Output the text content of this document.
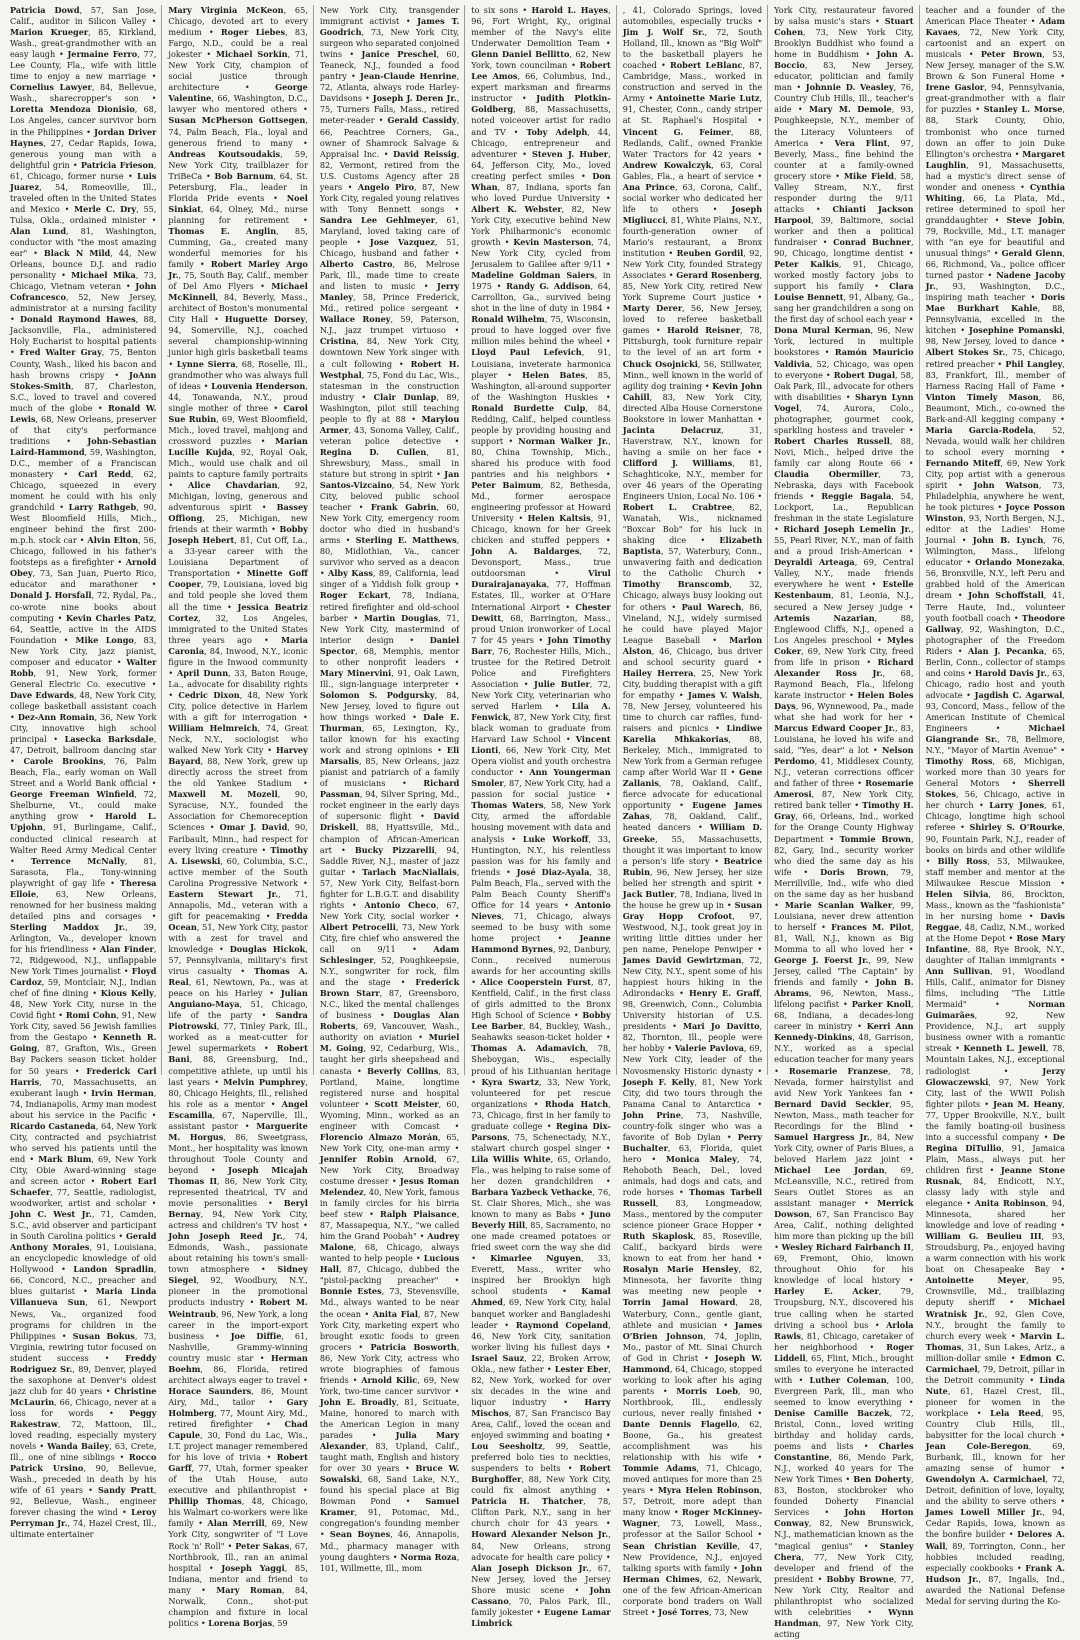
Patricia Dowd, 57, San Jose, Calif., auditor in Silicon Valley • Marion Krueger, 85, Kirkland, Wash., great-grandmother with an easy laugh • Jermaine Ferro, 77, Lee County, Fla., wife with little time to enjoy a new marriage • Cornelius Lawyer, 84, Bellevue, Wash., sharecropper's son • Loretta Mendoza Dionisio, 68, Los Angeles, cancer survivor born in the Philippines • Jordan Driver Haynes, 27, Cedar Rapids, Iowa, generous young man with a delightful grin • Patricia Frieson, 61, Chicago, former nurse • Luis Juarez, 54, Romeoville, Ill., traveled often in the United States and Mexico • Merle C. Dry, 55, Tulsa, Okla., ordained minister • Alan Lund, 81, Washington, conductor with "the most amazing ear" • Black N Mild, 44, New Orleans, bounce D.J. and radio personality • Michael Mika, 73, Chicago, Vietnam veteran • John Cofrancesco, 52, New Jersey, administrator at a nursing facility • Donald Raymond Hawes, 88, Jacksonville, Fla., administered Holy Eucharist to hospital patients • Fred Walter Gray, 75, Benton County, Wash., liked his bacon and hash browns crispy • JoAnn Stokes-Smith, 87, Charleston, S.C., loved to travel and covered much of the globe • Ronald W. Lewis, 68, New Orleans, preserver of that city's performance traditions • John-Sebastian Laird-Hammond, 59, Washington, D.C., member of a Franciscan monastery • Carl Redd, 62, Chicago, squeezed in every moment he could with his only grandchild • Larry Rathgeb, 90, West Bloomfield Hills, Mich., engineer behind the first 200-m.p.h. stock car • Alvin Elton, 56, Chicago, followed in his father's footsteps as a firefighter • Arnold Obey, 73, San Juan, Puerto Rico, educator and marathoner • Donald J. Horsfall, 72, Rydal, Pa., co-wrote nine books about computing • Kevin Charles Patz, 64, Seattle, active in the AIDS Foundation • Mike Longo, 83, New York City, jazz pianist, composer and educator • Walter Robb, 91, New York, former General Electric Co. executive • Dave Edwards, 48, New York City, college basketball assistant coach • Dez-Ann Romain, 36, New York City, innovative high school principal • Lasecka Barksdale, 47, Detroit, ballroom dancing star • Carole Brookins, 76, Palm Beach, Fla., early woman on Wall Street and a World Bank official • George Freeman Winfield, 72, Shelburne, Vt., could make anything grow • Harold L. Upjohn, 91, Burlingame, Calif., conducted clinical research at Walter Reed Army Medical Center • Terrence McNally, 81, Sarasota, Fla., Tony-winning playwright of gay life • Theresa Elloie, 63, New Orleans, renowned for her business making detailed pins and corsages • Sterling Maddox Jr., 39, Arlington, Va., developer known for his friendliness • Alan Finder, 72, Ridgewood, N.J., unflappable New York Times journalist • Floyd Cardoz, 59, Montclair, N.J., Indian chef of fine dining • Kious Kelly, 48, New York City, nurse in the Covid fight • Romi Cohn, 91, New York City, saved 56 Jewish families from the Gestapo • Kenneth R. Going, 87, Grafton, Wis., Green Bay Packers season ticket holder for 50 years • Frederick Carl Harris, 70, Massachusetts, an exuberant laugh • Irvin Herman, 74, Indianapolis, Army man modest about his service in the Pacific • Ricardo Castaneda, 64, New York City, contracted and psychiatrist who served his patients until the end • Mark Blum, 69, New York City, Obie Award-winning stage and screen actor • Robert Earl Schaefer, 77, Seattle, radiologist, woodworker, artist and scholar • John C. West Jr., 71, Camden, S.C., avid observer and participant in South Carolina politics • Gerald Anthony Morales, 91, Louisiana, an encyclopedic knowledge of old Hollywood • Landon Spradlin, 66, Concord, N.C., preacher and blues guitarist • Maria Linda Villanueva Sun, 61, Newport News, Va., organized food programs for children in the Philippines • Susan Bokus, 73, Virginia, rewiring tutor focused on student success • Freddy Rodriguez Sr., 89, Denver, played the saxophone at Denver's oldest jazz club for 40 years • Christine McLaurin, 66, Chicago, never at a loss for words • Peggy Rakestraw, 72, Mattoon, Ill., loved reading, especially mystery novels • Wanda Bailey, 63, Crete, Ill., one of nine siblings • Rocco Patrick Ursino, 90, Bellevue, Wash., preceded in death by his wife of 61 years • Sandy Pratt, 92, Bellevue, Wash., engineer forever chasing the wind • Leroy Perryman Jr., 74, Hazel Crest, Ill., ultimate entertainer

Mary Virginia McKeon, 65, Chicago, devoted art to every medium • Roger Liebes, 83, Fargo, N.D., could be a real jokester • Michael Sorkin, 71, New York City, champion of social justice through architecture • George Valentine, 66, Washington, D.C., lawyer who mentored others • Susan McPherson Gottsegen, 74, Palm Beach, Fla., loyal and generous friend to many • Andreas Koutsoudakis, 59, New York City, trailblazer for TriBeCa • Bob Barnum, 64, St. Petersburg, Fla., leader in Florida Pride events • Noel Sinkiat, 64, Olney, Md., nurse planning for retirement • Thomas E. Anglin, 85, Cumming, Ga., created many wonderful memories for his family • Robert Marley Argo Jr., 75, South Bay, Calif., member of Del Amo Flyers • Michael McKinnell, 84, Beverly, Mass., architect of Boston's monumental City Hall • Huguette Dorsey, 94, Somerville, N.J., coached several championship-winning junior high girls basketball teams • Lynne Sierra, 68, Roselle, Ill., grandmother who was always full of ideas • Louvenia Henderson, 44, Tonawanda, N.Y., proud single mother of three • Carol Sue Rubin, 69, West Bloomfield, Mich., loved travel, mahjong and crossword puzzles • Marian Lucille Kujda, 92, Royal Oak, Mich., would use chalk and oil paints to capture family portraits • Alice Chavdarian, 92, Michigan, loving, generous and adventurous spirit • Bassey Offiong, 25, Michigan, new friends at their warmth • Bobby Joseph Hebert, 81, Cut Off, La., a 33-year career with the Louisiana Department of Transportation • Minette Goff Cooper, 79, Louisiana, loved big and told people she loved them all the time • Jessica Beatriz Cortez, 32, Los Angeles, immigrated to the United States three years ago • Maria Caronia, 84, Inwood, N.Y., iconic figure in the Inwood community • April Dunn, 33, Baton Rouge, La., advocate for disability rights • Cedric Dixon, 48, New York City, police detective in Harlem with a gift for interrogation • William Helmreich, 74, Great Neck, N.Y., sociologist who walked New York City • Harvey Bayard, 88, New York, grew up directly across the street from the old Yankee Stadium • Maxwell M. Mozell, 90, Syracuse, N.Y., founded the Association for Chemoreception Sciences • Omar J. David, 90, Faribault, Minn., had respect for every living creature • Timothy A. Lisewski, 60, Columbia, S.C., active member of the South Carolina Progressive Network • Eastern Stewart Jr., 71, Annapolis, Md., veteran with a gift for peacemaking • Fredda Ocean, 51, New York City, pastor with a zest for travel and knowledge • Douglas Hickok, 57, Pennsylvania, military's first virus casualty • Thomas A. Real, 61, Newtown, Pa., was at peace on his Harley • Julian Anguiano-Maya, 51, Chicago, life of the party • Sandra Piotrowski, 77, Tinley Park, Ill., worked as a meat-cutter for Jewel supermarkets • Robert Bani, 88, Greensburg, Ind., competitive athlete, up until his last years • Melvin Pumphrey, 80, Chicago Heights, Ill., relished his role as a mentor • Angel Escamilla, 67, Naperville, Ill., assistant pastor • Marguerite M. Horgus, 86, Sweetgrass, Mont., her hospitality was known throughout Toole County and beyond • Joseph Micajah Thomas II, 86, New York City, represented theatrical, TV and movie personalities • Beryl Bernay, 94, New York City, actress and children's TV host • John Joseph Reed Jr., 74, Edmonds, Wash., passionate about retaining his town's small-town atmosphere • Sidney Siegel, 92, Woodbury, N.Y., pioneer in the promotional products industry • Robert M. Weintraub, 96, New York, a long career in the import-export business • Joe Diffie, 61, Nashville, Grammy-winning country music star • Herman Boehm, 86, Florida, retired architect always eager to travel • Horace Saunders, 86, Mount Airy, Md., tailor • Gary Holmberg, 77, Mount Airy, Md., retired firefighter • Chad Capule, 30, Fond du Lac, Wis., I.T. project manager remembered for his love of trivia • Robert Garff, 77, Utah, former speaker of the Utah House, auto executive and philanthropist • Phillip Thomas, 48, Chicago, his Walmart co-workers were like family • Alan Merrill, 69, New York City, songwriter of "I Love Rock 'n' Roll" • Peter Sakas, 67, Northbrook, Ill., ran an animal hospital • Joseph Yaggi, 85, Indiana, mentor and friend to many • Mary Roman, 84, Norwalk, Conn., shot-put champion and fixture in local politics • Lorena Borjas, 59

New York City, transgender immigrant activist • James T. Goodrich, 73, New York City, surgeon who separated conjoined twins • Janice Preschel, 60, Teaneck, N.J., founded a food pantry • Jean-Claude Henrine, 72, Atlanta, always rode Harley-Davidsons • Joseph J. Deren Jr., 75, Turners Falls, Mass., retired meter-reader • Gerald Cassidy, 66, Peachtree Corners, Ga., owner of Shamrock Salvage & Appraisal Inc. • David Reissig, 82, Vermont, retired from the U.S. Customs Agency after 28 years • Angelo Piro, 87, New York City, regaled young relatives with Tony Bennett songs • Sandra Lee Gehlmeyer, 61, Maryland, loved taking care of people • Jose Vazquez, 51, Chicago, husband and father • Alberto Castro, 86, Melrose Park, Ill., made time to create and listen to music • Jerry Manley, 58, Prince Frederick, Md., retired police sergeant • Wallace Roney, 59, Paterson, N.J., jazz trumpet virtuoso • Cristina, 84, New York City, downtown New York singer with a cult following • Robert H. Westphal, 75, Fond du Lac, Wis., statesman in the construction industry • Clair Dunlap, 89, Washington, pilot still teaching people to fly at 88 • Marylou Armer, 43, Sonoma Valley, Calif., veteran police detective • Regina D. Cullen, 81, Shrewsbury, Mass., small in stature but strong in spirit • Jan Santos-Vizcaino, 54, New York City, beloved public school teacher • Frank Gabrin, 60, New York City, emergency room doctor who died in husband's arms • Sterling E. Matthews, 80, Midlothian, Va., cancer survivor who served as a deacon • Alby Kass, 89, California, lead singer of a Yiddish folk group • Roger Eckart, 78, Indiana, retired firefighter and old-school barber • Martin Douglas, 71, New York City, mastermind of interior design • Daniel Spector, 68, Memphis, mentor to other nonprofit leaders • Mary Minervini, 91, Oak Lawn, Ill., sign-language interpreter • Solomon S. Podgursky, 84, New Jersey, loved to figure out how things worked • Dale E. Thurman, 65, Lexington, Ky., tailor known for his exacting work and strong opinions • Eli Marsalis, 85, New Orleans, jazz pianist and patriarch of a family of musicians • Richard Passman, 94, Silver Spring, Md., rocket engineer in the early days of supersonic flight • David Driskell, 88, Hyattsville, Md., champion of African-American art • Bucky Pizzarelli, 94, Saddle River, N.J., master of jazz guitar • Tarlach MacNiallais, 57, New York City, Belfast-born fighter for L.B.G.T. and disability rights • Antonio Checo, 67, New York City, social worker • Albert Petrocelli, 73, New York City, fire chief who answered the call on 9/11 • Adam Schlesinger, 52, Poughkeepsie, N.Y., songwriter for rock, film and the stage • Frederick Brown Starr, 87, Greensboro, N.C., liked the mental challenges of business • Douglas Alan Roberts, 69, Vancouver, Wash., authority on aviation • Muriel M. Going, 92, Cedarburg, Wis., taught her girls sheepshead and canasta • Beverly Collins, 83, Portland, Maine, longtime registered nurse and hospital volunteer • Scott Meister, 60, Wyoming, Minn., worked as an engineer with Comcast • Florencio Almazo Morán, 65, New York City, one-man army • Jennifer Robin Arnold, 67, New York City, Broadway costume dresser • Jesus Roman Melendez, 40, New York, famous in family circles for his birria beef stew • Ralph Plaisance, 87, Massapequa, N.Y., "we called him the Grand Poobah" • Audrey Malone, 68, Chicago, always wanted to help people • Lucious Hall, 87, Chicago, dubbed the "pistol-packing preacher" • Bonnie Estes, 73, Stevensville, Md., always wanted to be near the ocean • Anita Fial, 87, New York City, marketing expert who brought exotic foods to green grocers • Patricia Bosworth, 86, New York City, actress who wrote biographies of famous friends • Arnold Kilic, 69, New York, two-time cancer survivor • John E. Broadly, 81, Scituate, Maine, honored to march with the American Legion in many parades • Julia Mary Alexander, 83, Upland, Calif., taught math, English and history for over 30 years • Bruce W. Sowalski, 68, Sand Lake, N.Y., found his special place at Big Bowman Pond • Samuel Kramer, 91, Potomac, Md., congregation's founding member • Sean Boynes, 46, Annapolis, Md., pharmacy manager with young daughters • Norma Roza, 101, Willmette, Ill., mom

to six sons • Harold L. Hayes, 96, Fort Wright, Ky., original member of the Navy's elite Underwater Demolition Team • Glenn Daniel Bellitto, 62, New York, town councilman • Robert Lee Amos, 66, Columbus, Ind., expert marksman and firearms instructor • Judith Plotkin-Goldberg, 88, Massachusetts, noted voiceover artist for radio and TV • Toby Adelph, 44, Chicago, entrepreneur and adventurer • Steven J. Huber, 64, Jefferson City, Mo., loved creating perfect smiles • Don Whan, 87, Indiana, sports fan who loved Purdue University • Albert K. Webster, 82, New York City, executive behind New York Philharmonic's economic growth • Kevin Masterson, 74, New York City, cycled from Jerusalem to Galilee after 9/11 • Madeline Goldman Saiers, in 1975 • Randy G. Addison, 64, Carrollton, Ga., survived being shot in the line of duty in 1984 • Ronald Wilhelm, 75, Wisconsin, proud to have logged over five million miles behind the wheel • Lloyd Paul Lefevich, 91, Louisiana, inveterate harmonica player • Helen Bates, 85, Washington, all-around supporter of the Washington Huskies • Ronald Burdette Culp, 84, Redding, Calif., helped countless people by providing housing and support • Norman Walker Jr., 80, China Township, Mich., shared his produce with food pantries and his neighbors • Peter Baimum, 82, Bethesda, Md., former aerospace engineering professor at Howard University • Helen Kaltsis, 91, Chicago, known for her Greek chicken and stuffed peppers • John A. Baldarges, 72, Devonsport, Mass., true outdoorsman • Virul Durairajanayaka, 77, Hoffman Estates, Ill., worker at O'Hare International Airport • Chester Dewitt, 68, Barrington, Mass., proud Union ironworker of Local 7 for 45 years • John Timothy Barr, 76, Rochester Hills, Mich., trustee for the Retired Detroit Police and Firefighters Association • Julie Butler, 72, New York City, veterinarian who served Harlem • Lila A. Fenwick, 87, New York City, first black woman to graduate from Harvard Law School • Vincent Lionti, 66, New York City, Met Opera violist and youth orchestra conductor • Ann Youngerman Smoler, 87, New York City, had a passion for social justice • Thomas Waters, 58, New York City, armed the affordable housing movement with data and analysis • Luke Workoff, 33, Huntington, N.Y., his relentless passion was for his family and friends • José Diaz-Ayala, 38, Palm Beach, Fla., served with the Palm Beach County Sheriff's Office for 14 years • Antonio Nieves, 71, Chicago, always seemed to be busy with some home project • Jeanne Hammond Byrnes, 92, Danbury, Conn., received numerous awards for her accounting skills • Alice Cooperstein Furst, 87, Kentfield, Calif., in the first class of girls admitted to the Bronx High School of Science • Bobby Lee Barber, 84, Buckley, Wash., Seahawks season-ticket holder • Thomas A. Adamavich, 78, Sheboygan, Wis., especially proud of his Lithuanian heritage • Kyra Swartz, 33, New York, volunteered for pet rescue organizations • Rhoda Hatch, 73, Chicago, first in her family to graduate college • Regina Dix-Parsons, 75, Schenectady, N.Y., stalwart church gospel singer • Lila Willis White, 65, Orlando, Fla., was helping to raise some of her dozen grandchildren • Barbara Yazbeck Vethacke, 76, St. Clair Shores, Mich., she was known to many as Babs • Juno Beverly Hill, 85, Sacramento, no one made creamed potatoes or fried sweet corn the way she did • Kimarlee Nguyen, 33, Everett, Mass., writer who inspired her Brooklyn high school students • Kamal Ahmed, 69, New York City, halal banquet worker and Bangladeshi leader • Raymond Copeland, 46, New York City, sanitation worker living his fullest days • Israel Sauz, 22, Broken Arrow, Okla., new father • Lester Eber, 82, New York, worked for over six decades in the wine and liquor industry • Harry Mischos, 87, San Francisco Bay Area, Calif., loved the ocean and enjoyed swimming and boating • Lou Seesholtz, 99, Seattle, preferred bolo ties to neckties, suspenders to belts • Robert Burghoffer, 88, New York City, could fix almost anything • Patricia H. Thatcher, 78, Clifton Park, N.Y., sang in her church choir for 43 years • Howard Alexander Nelson Jr., 84, New Orleans, strong advocate for health care policy • Alan Joseph Dickson Jr., 67, New Jersey, loved the Jersey Shore music scene • John Cassano, 70, Palos Park, Ill., family jokester • Eugene Lamar Limbrick

, 41, Colorado Springs, loved automobiles, especially trucks • Jim J. Wolf Sr., 72, South Holland, Ill., known as "Big Wolf" to the basketball players he coached • Robert LeBlanc, 87, Cambridge, Mass., worked in construction and served in the Army • Antoinette Marie Lutz, 91, Chester, Conn., candy striper at St. Raphael's Hospital • Vincent G. Feimer, 88, Redlands, Calif., owned Frankie Water Tractors for 42 years • Andrew Kowalczyk, 63, Coral Gables, Fla., a heart of service • Ana Prince, 63, Corona, Calif., social worker who dedicated her life to others • Joseph Migliucci, 81, White Plains, N.Y., fourth-generation owner of Mario's restaurant, a Bronx institution • Reuben Gordil, 92, New York City, founded Strategy Associates • Gerard Rosenberg, 85, New York City, retired New York Supreme Court justice • Marty Derer, 56, New Jersey, loved to referee basketball games • Harold Reisner, 78, Pittsburgh, took furniture repair to the level of an art form • Chuck Osojnicki, 56, Stillwater, Minn., well known in the world of agility dog training • Kevin John Cahill, 83, New York City, directed Alba House Cornerstone Bookstore in lower Manhattan • Jacinta Delacruz, 31, Haverstraw, N.Y., known for having a smile on her face • Clifford J. Williams, 81, Schaghticoke, N.Y., member for over 46 years of the Operating Engineers Union, Local No. 106 • Robert L. Crabtree, 82, Wanatah, Wis., nicknamed "Boxcar Bob" for his luck in shaking dice • Elizabeth Baptista, 57, Waterbury, Conn., unwavering faith and dedication to the Catholic Church • Timothy Branscomb, 32, Chicago, always busy looking out for others • Paul Warech, 86, Vineland, N.J., widely surmised he could have played Major League Baseball • Marlon Alston, 46, Chicago, bus driver and school security guard • Hailey Herrera, 25, New York City, budding therapist with a gift for empathy • James V. Walsh, 78, New Jersey, volunteered his time to church car raffles, fund-raisers and picnics • Lindiwe Karelia Mhkakorias, 88, Berkeley, Mich., immigrated to New York from a German refugee camp after World War II • Gene Zallanis, 78, Oakland, Calif., fierce advocate for educational opportunity • Eugene James Zahas, 78, Oakland, Calif., heated dancers • William D. Greeke, 55, Massachusetts, thought it was important to know a person's life story • Beatrice Rubin, 96, New Jersey, her size belied her strength and spirit • Jack Butler, 78, Indiana, lived in the house he grew up in • Susan Gray Hopp Crofoot, 97, Westwood, N.J., took great joy in writing little ditties under her pen name, Penelope Penwiper • James David Gewirtzman, 72, New City, N.Y., spent some of his happiest hours hiking in the Adirondacks • Henry E. Graff, 98, Greenwich, Conn., Columbia University historian of U.S. presidents • Mari Jo Davitto, 82, Thornton, Ill., people were her hobby • Valerie Pavlova, 69, New York City, leader of the Novosmensky Historic dynasty • Joseph F. Kelly, 81, New York City, did two tours through the Panama Canal to Antarctica • John Prine, 73, Nashville, country-folk singer who was a favorite of Bob Dylan • Perry Buchalter, 63, Florida, quiet hero • Monica Maley, 74, Rehoboth Beach, Del., loved animals, had dogs and cats, and rode horses • Thomas Tarbell Russell, 83, Longmeadow, Mass., mentored by the computer science pioneer Grace Hopper • Ruth Skaplosk, 85, Roseville, Calif., backyard birds were known to eat from her hand • Rosalyn Marie Hensley, 82, Minnesota, her favorite thing was meeting new people • Torrin Jamal Howard, 28, Waterbury, Conn., gentle giant, athlete and musician • James O'Brien Johnson, 74, Joplin, Mo., pastor of Mt. Sinai Church of God in Christ • Joseph W. Hammond, 64, Chicago, stopped working to look after his aging parents • Morris Loeb, 90, Northbrook, Ill., endlessly curious, never really finished • Dante Dennis Flagello, 62, Boone, Ga., his greatest accomplishment was his relationship with his wife • Tommie Adams, 71, Chicago, moved antiques for more than 25 years • Myra Helen Robinson, 57, Detroit, more adept than many know • Roger McKinney-Wagner, 73, Lowell, Mass., professor at the Sailor School • Sean Christian Keville, 47, New Providence, N.J., enjoyed talking sports with family • John Herman Chimes, 62, Newark, one of the few African-American corporate bond traders on Wall Street • José Torres, 73, New

York City, restaurateur favored by salsa music's stars • Stuart Cohen, 73, New York City, Brooklyn Buddhist who found a home in Buddhism • John A. Boccio, 83, New Jersey, educator, politician and family man • Johnnie D. Veasley, 76, Country Club Hills, Ill., teacher's aide • Mary M. Demole, 93, Poughkeepsie, N.Y., member of the Literacy Volunteers of America • Vera Flint, 97, Beverly, Mass., fine behind the counter at a family-owned grocery store • Mike Field, 58, Valley Stream, N.Y., first responder during the 9/11 attacks • Chianti Jackson Harpool, 39, Baltimore, social worker and then a political fundraiser • Conrad Buchner, 90, Chicago, longtime dentist • Peter Kalkis, 91, Chicago, worked mostly factory jobs to support his family • Clara Louise Bennett, 91, Albany, Ga., sang her grandchildren a song on the first day of school each year • Dona Mural Kerman, 96, New York, lectured in multiple bookstores • Ramón Mauricio Valdivia, 52, Chicago, was open to everyone • Robert Dugal, 58, Oak Park, Ill., advocate for others with disabilities • Sharyn Lynn Vogel, 74, Aurora, Colo., photographer, gourmet cook, sparkling hostess and traveler • Robert Charles Russell, 88, Novi, Mich., helped drive the family car along Route 66 • Claudia Obermiller, 73, Nebraska, days with Facebook friends • Reggie Bagala, 54, Lockport, La., Republican freshman in the state Legislature • Richard Joseph Lemelin Jr., 55, Pearl River, N.Y., man of faith and a proud Irish-American • Deyraldi Arteaga, 69, Central Valley, N.Y., made friends everywhere he went • Estelle Kestenbaum, 81, Leonia, N.J., secured a New Jersey judge • Artemis Nazarian, 88, Englewood Cliffs, N.J., opened a Los Angeles preschool • Myles Coker, 69, New York City, freed from life in prison • Richard Alexander Ross Jr., 68, Raymond Beach, Fla., lifelong karate instructor • Helen Boles Days, 96, Wynnewood, Pa., made what she had work for her • Marcus Edward Cooper Jr., 83, Louisiana, he loved his wife and said, "Yes, dear" a lot • Nelson Perdomo, 41, Middlesex County, N.J., veteran corrections officer and father of three • Rosemarie Amerosi, 87, New York City, retired bank teller • Timothy H. Gray, 66, Orleans, Ind., worked for the Orange County Highway Department • Tommie Brown, 82, Gary, Ind., security worker who died the same day as his wife • Doris Brown, 79, Merrillville, Ind., wife who died on the same day as her husband • Marie Scanlan Walker, 99, Louisiana, never drew attention to herself • Frances M. Pilot, 81, Wall, N.J., known as Big Momma to all who loved her • George J. Foerst Jr., 99, New Jersey, called "The Captain" by friends and family • John B. Abrams, 96, Newton, Mass., lifelong pacifist • Parker Knoll, 68, Indiana, a decades-long career in ministry • Kerri Ann Kennedy-Dinkins, 48, Garrison, N.Y., worked as a special education teacher for many years • Rosemarie Franzese, 78, Nevada, former hairstylist and avid New York Yankees fan • Bernard David Seckler, 95, Newton, Mass., math teacher for Recordings for the Blind • Samuel Hargress Jr., 84, New York City, owner of Paris Blues, a beloved Harlem jazz joint • Michael Lee Jordan, 69, McLeansville, N.C., retired from Sears Outlet Stores as an assistant manager • Merrick Dowson, 67, San Francisco Bay Area, Calif., nothing delighted him more than picking up the bill • Wesley Richard Fairbanch II, 69, Fremont, Ohio, known throughout Ohio for his knowledge of local history • Harley E. Acker, 79, Troupsburg, N.Y., discovered his true calling when he started driving a school bus • Arlola Rawls, 81, Chicago, caretaker of her neighborhood • Roger Liddell, 65, Flint, Mich., brought smiles to everyone he interacted with • Luther Coleman, 100, Evergreen Park, Ill., man who seemed to know everything • Denise Camille Baczek, 72, Bristol, Conn., loved writing birthday and holiday cards, poems and lists • Charles Constantine, 86, Mendo Park, N.J., worked 40 years for The New York Times • Ben Doherty, 83, Boston, stockbroker who founded Doherty Financial Services • John Horton Conway, 82, New Brunswick, N.J., mathematician known as the "magical genius" • Stanley Chera, 77, New York City, developer and friend of the president • Bobby Browne, 77, New York City, Realtor and philanthropist who socialized with celebrities • Wynn Handman, 97, New York City, acting

teacher and a founder of the American Place Theater • Adam Kavaes, 72, New York City, cartoonist and an expert on musicals • Peter Brown, 53, New Jersey, manager of the S.W. Brown & Son Funeral Home • Irene Gaslor, 94, Pennsylvania, great-grandmother with a flair for puzzles • Stanley L. Morse, 88, Stark County, Ohio, trombonist who once turned down an offer to join Duke Ellington's orchestra • Margaret Laughlin, 91, Massachusetts, had a mystic's direct sense of wonder and oneness • Cynthia Whiting, 66, La Plata, Md., retiree determined to spoil her granddaughter • Steve Jobin, 79, Rockville, Md., I.T. manager with "an eye for beautiful and unusual things" • Gerald Glenn, 66, Richmond, Va., police officer turned pastor • Nadene Jacoby Jr., 93, Washington, D.C., inspiring math teacher • Doris Mae Burkhart Kahle, 88, Pennsylvania, excelled in the kitchen • Josephine Pomanski, 98, New Jersey, loved to dance • Albert Stokes Sr., 75, Chicago, retired preacher • Phil Langley, 83, Frankfort, Ill., member of Harness Racing Hall of Fame • Vinton Timely Mason, 86, Beaumont, Mich., co-owned the Bark-and-All kegging company • Maria Garcia-Rodela, 52, Nevada, would walk her children to school every morning • Fernando Miteff, 69, New York City, pop artist with a generous spirit • John Watson, 73, Philadelphia, anywhere he went, he took pictures • Joyce Posson Winston, 93, North Bergen, N.J., editor at the Ladies' Home Journal • John B. Lynch, 76, Wilmington, Mass., lifelong educator • Orlando Monezaka, 56, Bronxville, N.Y., left Peru and grabbed hold of the American dream • John Schoffstall, 41, Terre Haute, Ind., volunteer youth football coach • Theodore Gallway, 92, Washington, D.C., photographer of the Freedom Riders • Alan J. Pecanka, 65, Berlin, Conn., collector of stamps and coins • Harold Davis Jr., 63, Chicago, radio host and youth advocate • Jagdish C. Agarwal, 93, Concord, Mass., fellow of the American Institute of Chemical Engineers • Michael Giangrande Sr., 78, Bellmore, N.Y., "Mayor of Martin Avenue" • Timothy Ross, 68, Michigan, worked more than 30 years for General Motors • Sherrell Stokes, 56, Chicago, active in her church • Larry Jones, 61, Chicago, longtime high school referee • Shirley S. O'Rourke, 90, Fountain Park, N.J., reader of books on birds and other wildlife • Billy Ross, 53, Milwaukee, staff member and mentor at the Milwaukee Rescue Mission • Helen Silvia, 86, Brockton, Mass., known as the "fashionista" in her nursing home • Davis Reggae, 48, Cadiz, N.M., worked at the Home Depot • Rose Mary Infantine, 88, Rye Brook, N.Y., daughter of Italian immigrants • Ann Sullivan, 91, Woodland Hills, Calif., animator for Disney films, including "The Little Mermaid" • Norman Guimarães, 92, New Providence, N.J., art supply business owner with a romantic streak • Kenneth L. Jewell, 78, Mountain Lakes, N.J., exceptional radiologist • Jerzy Glowaczewski, 97, New York City, last of the WWII Polish fighter pilots • Jean M. Heany, 77, Upper Brookville, N.Y., built the family boating-oil business into a successful company • De Regina DiTullio, 91, Jamaica Plain, Mass., always put her children first • Jeanne Stone Rusnak, 84, Endicott, N.Y., classy lady with style and elegance • Anita Robinson, 94, Minnesota, shared her knowledge and love of reading • William G. Beulieu III, 93, Stroudsburg, Pa., enjoyed having a warm connection with his work boat on Chesapeake Bay • Antoinette Meyer, 95, Crownsville, Md., trailblazing deputy sheriff • Michael Wratnisk Jr., 92, Glen Cove, N.Y., brought the family to church every week • Marvin L. Thomas, 31, Sun Lakes, Ariz., a million-dollar smile • Edmon C. Carmichael, 79, Detroit, pillar in the Detroit community • Linda Nute, 61, Hazel Crest, Ill., pioneer for women in the workplace • Lela Reed, 95, Country Club Hills, Ill., babysitter for the local church • Jean Cole-Beregon, 69, Burbank, Ill., known for her amazing sense of humor • Gwendolyn A. Carmichael, 72, Detroit, definition of love, loyalty, and the ability to serve others • James Lowell Miller Jr., 94, Cedar Rapids, Iowa, known as the bonfire builder • Delores A. Wall, 89, Torrington, Conn., her hobbies included reading, especially cookbooks • Frank A. Hudson Jr., 87, Ingalls, Ind., awarded the National Defense Medal for serving during the Ko-
